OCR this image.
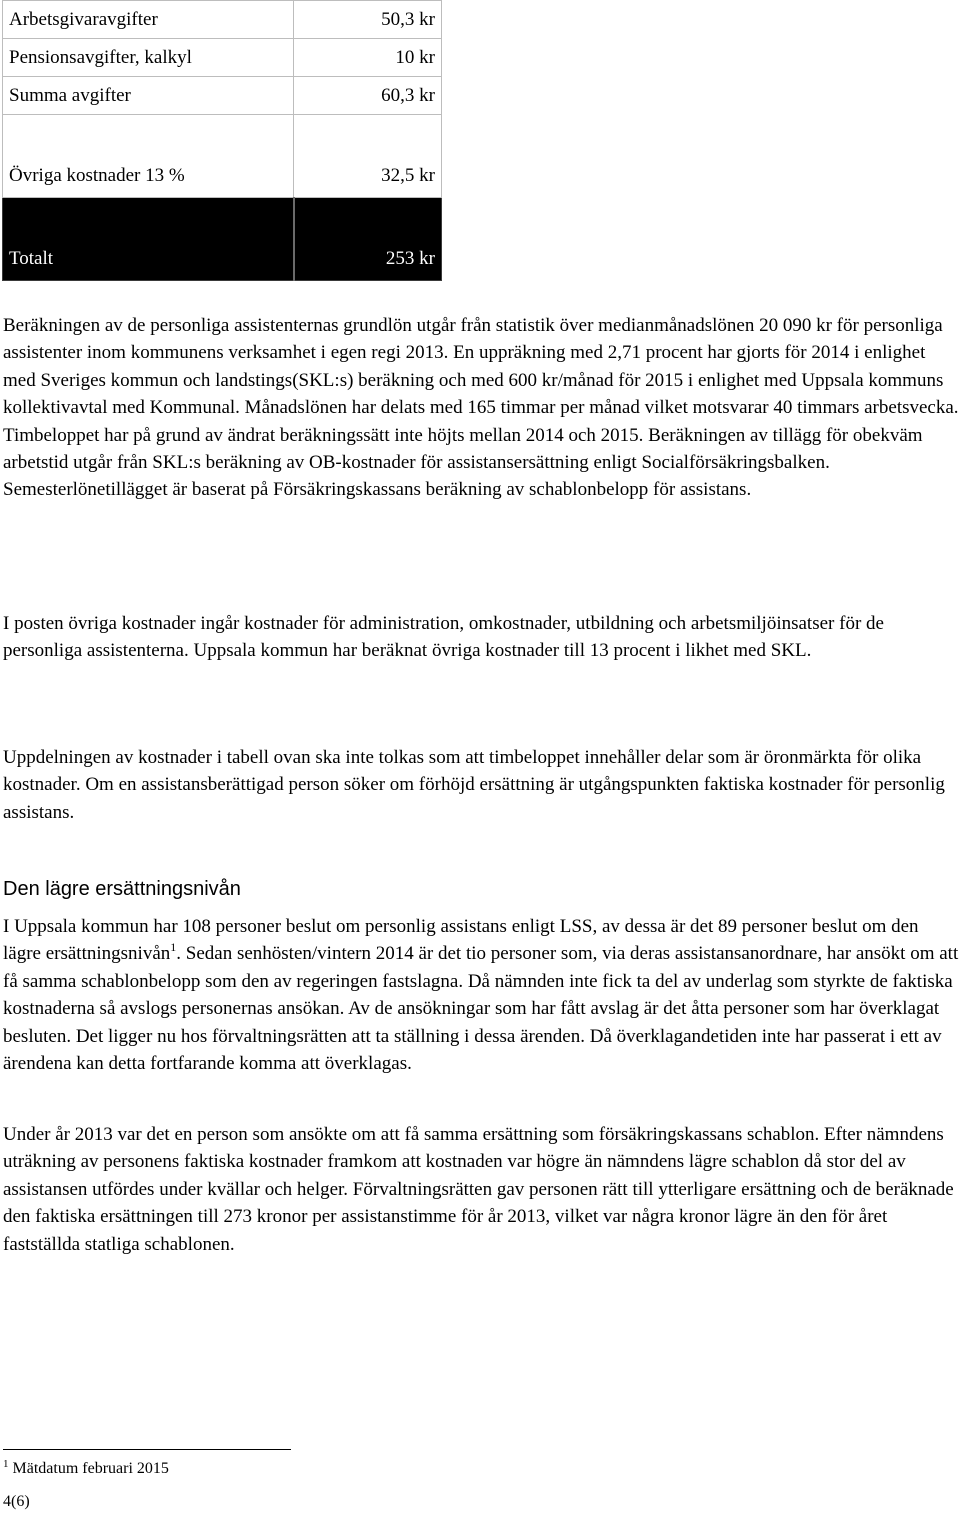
Arbetsgivaravgifter	50,3 kr
Pensionsavgifter, kalkyl	10 kr
Summa avgifter	60,3 kr
Övriga kostnader 13 %	32,5 kr
Totalt	253 kr

Beräkningen av de personliga assistenternas grundlön utgår från statistik över medianmånadslönen 20 090 kr för personliga assistenter inom kommunens verksamhet i egen regi 2013. En uppräkning med 2,71 procent har gjorts för 2014 i enlighet med Sveriges kommun och landstings(SKL:s) beräkning och med 600 kr/månad för 2015 i enlighet med Uppsala kommuns kollektivavtal med Kommunal. Månadslönen har delats med 165 timmar per månad vilket motsvarar 40 timmars arbetsvecka. Timbeloppet har på grund av ändrat beräkningssätt inte höjts mellan 2014 och 2015. Beräkningen av tillägg för obekväm arbetstid utgår från SKL:s beräkning av OB-kostnader för assistansersättning enligt Socialförsäkringsbalken. Semesterlönetillägget är baserat på Försäkringskassans beräkning av schablonbelopp för assistans.

I posten övriga kostnader ingår kostnader för administration, omkostnader, utbildning och arbetsmiljöinsatser för de personliga assistenterna. Uppsala kommun har beräknat övriga kostnader till 13 procent i likhet med SKL.

Uppdelningen av kostnader i tabell ovan ska inte tolkas som att timbeloppet innehåller delar som är öronmärkta för olika kostnader. Om en assistansberättigad person söker om förhöjd ersättning är utgångspunkten faktiska kostnader för personlig assistans.

Den lägre ersättningsnivån

I Uppsala kommun har 108 personer beslut om personlig assistans enligt LSS, av dessa är det 89 personer beslut om den lägre ersättningsnivån$^1$. Sedan senhösten/vintern 2014 är det tio personer som, via deras assistansanordnare, har ansökt om att få samma schablonbelopp som den av regeringen fastslagna. Då nämnden inte fick ta del av underlag som styrkte de faktiska kostnaderna så avslogs personernas ansökan. Av de ansökningar som har fått avslag är det åtta personer som har överklagat besluten. Det ligger nu hos förvaltningsrätten att ta ställning i dessa ärenden. Då överklagandetiden inte har passerat i ett av ärendena kan detta fortfarande komma att överklagas.

Under år 2013 var det en person som ansökte om att få samma ersättning som försäkringskassans schablon. Efter nämndens uträkning av personens faktiska kostnader framkom att kostnaden var högre än nämndens lägre schablon då stor del av assistansen utfördes under kvällar och helger. Förvaltningsrätten gav personen rätt till ytterligare ersättning och de beräknade den faktiska ersättningen till 273 kronor per assistanstimme för år 2013, vilket var några kronor lägre än den för året fastställda statliga schablonen.

$^1$ Mätdatum februari 2015

4(6)
